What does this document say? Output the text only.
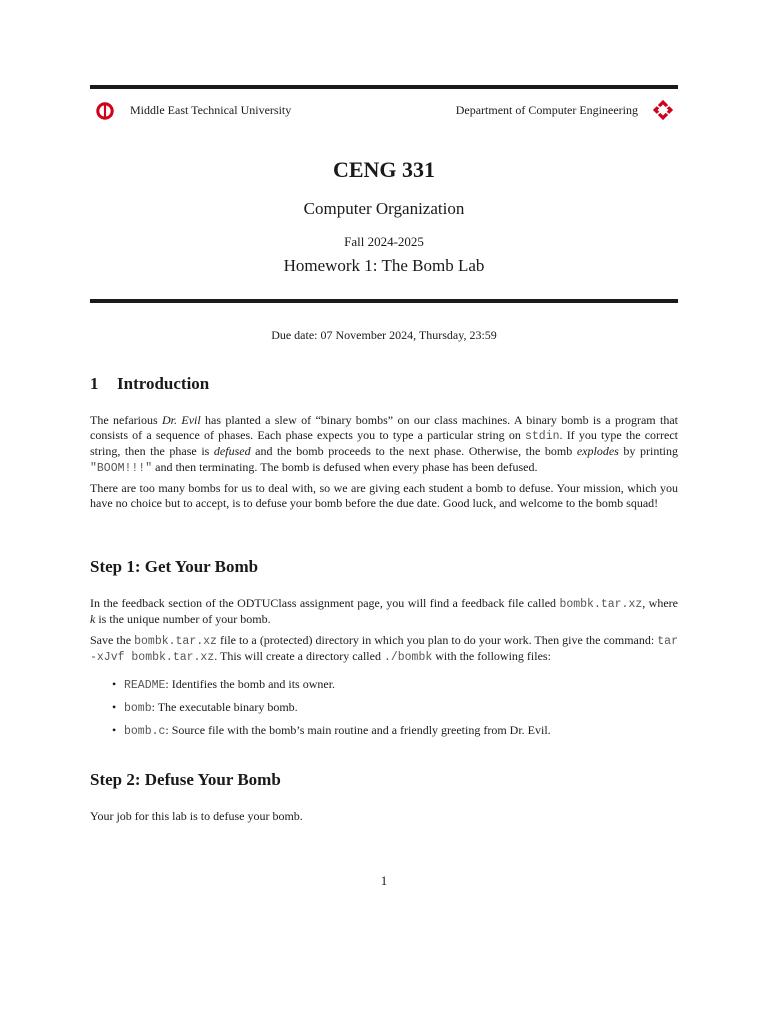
Middle East Technical University	Department of Computer Engineering
CENG 331
Computer Organization
Fall 2024-2025
Homework 1: The Bomb Lab
Due date: 07 November 2024, Thursday, 23:59
1 Introduction

The nefarious Dr. Evil has planted a slew of “binary bombs” on our class machines. A binary bomb is a program that consists of a sequence of phases. Each phase expects you to type a particular string on stdin. If you type the correct string, then the phase is defused and the bomb proceeds to the next phase. Otherwise, the bomb explodes by printing "BOOM!!!" and then terminating. The bomb is defused when every phase has been defused.

There are too many bombs for us to deal with, so we are giving each student a bomb to defuse. Your mission, which you have no choice but to accept, is to defuse your bomb before the due date. Good luck, and welcome to the bomb squad!

Step 1: Get Your Bomb

In the feedback section of the ODTUClass assignment page, you will find a feedback file called bombk.tar.xz, where k is the unique number of your bomb.

Save the bombk.tar.xz file to a (protected) directory in which you plan to do your work. Then give the command: tar -xJvf bombk.tar.xz. This will create a directory called ./bombk with the following files:

• README: Identifies the bomb and its owner.
• bomb: The executable binary bomb.
• bomb.c: Source file with the bomb’s main routine and a friendly greeting from Dr. Evil.
Step 2: Defuse Your Bomb

Your job for this lab is to defuse your bomb.

1
